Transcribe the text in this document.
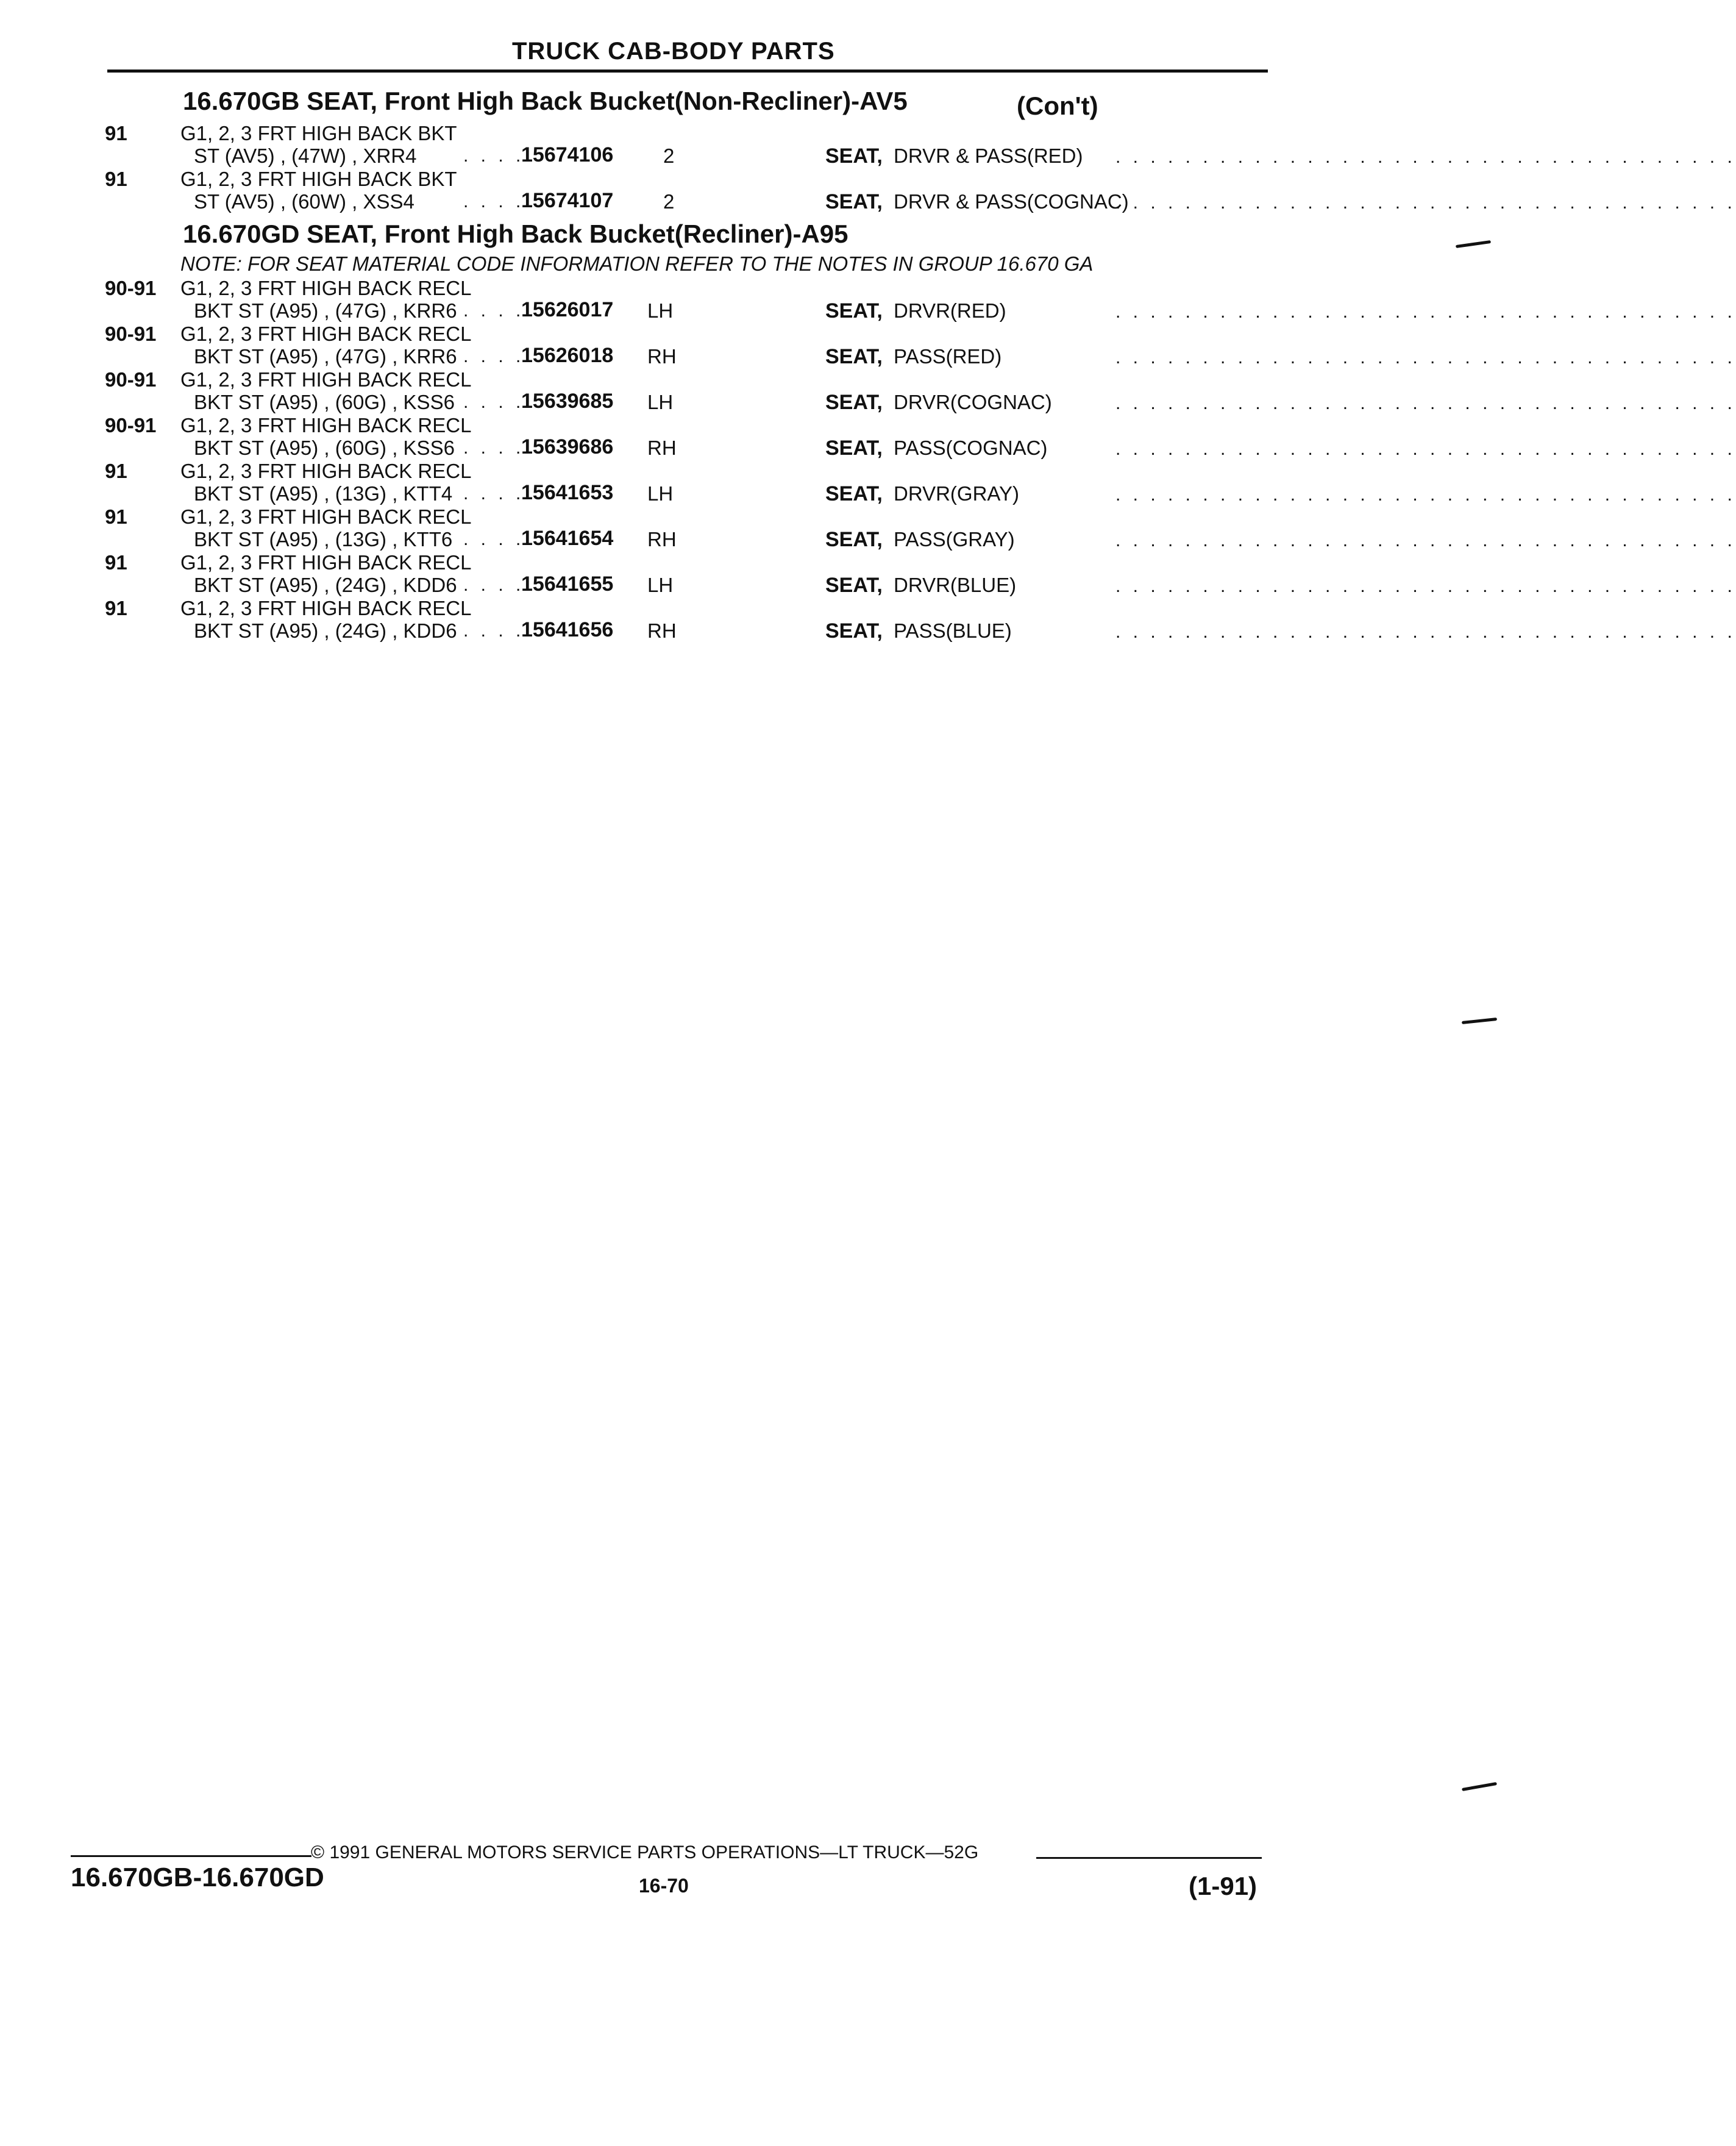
TRUCK CAB-BODY PARTS
16.670GB SEAT, Front High Back Bucket(Non-Recliner)-AV5	(Con't)
91	G1, 2, 3 FRT HIGH BACK BKT
ST (AV5) , (47W) , XRR4	. . . .
15674106 2	SEAT, DRVR & PASS(RED) . . . . . . . . . . . . . . . . . . . . . . . . . . . . . . . . . . . .
91	G1, 2, 3 FRT HIGH BACK BKT
ST (AV5) , (60W) , XSS4	. . . .
15674107 2	SEAT, DRVR & PASS(COGNAC)
. . . . . . . . . . . . . . . . . . . . . . . . . . . . . . . . . . . .
16.670GD SEAT, Front High Back Bucket(Recliner)-A95
NOTE: FOR SEAT MATERIAL CODE INFORMATION REFER TO THE NOTES IN GROUP 16.670 GA
90-91 G1, 2, 3 FRT HIGH BACK RECL
BKT ST (A95) , (47G) , KRR6 . . . .
15626017 LH	SEAT, DRVR(RED)	. . . . . . . . . . . . . . . . . . . . . . . . . . . . . . . . . . . .
90-91 G1, 2, 3 FRT HIGH BACK RECL
BKT ST (A95) , (47G) , KRR6 . . . .
15626018 RH	SEAT, PASS(RED)	. . . . . . . . . . . . . . . . . . . . . . . . . . . . . . . . . . . .
90-91 G1, 2, 3 FRT HIGH BACK RECL
BKT ST (A95) , (60G) , KSS6 . . . .
15639685 LH	SEAT, DRVR(COGNAC)	. . . . . . . . . . . . . . . . . . . . . . . . . . . . . . . . . . . .
90-91 G1, 2, 3 FRT HIGH BACK RECL
BKT ST (A95) , (60G) , KSS6 . . . .
15639686 RH	SEAT, PASS(COGNAC)	. . . . . . . . . . . . . . . . . . . . . . . . . . . . . . . . . . . .
91	G1, 2, 3 FRT HIGH BACK RECL
BKT ST (A95) , (13G) , KTT4 . . . .
15641653 LH	SEAT, DRVR(GRAY)	. . . . . . . . . . . . . . . . . . . . . . . . . . . . . . . . . . . .
91	G1, 2, 3 FRT HIGH BACK RECL
BKT ST (A95) , (13G) , KTT6 . . . .
15641654 RH	SEAT, PASS(GRAY)	. . . . . . . . . . . . . . . . . . . . . . . . . . . . . . . . . . . .
91	G1, 2, 3 FRT HIGH BACK RECL
BKT ST (A95) , (24G) , KDD6 . . . .
15641655 LH	SEAT, DRVR(BLUE)	. . . . . . . . . . . . . . . . . . . . . . . . . . . . . . . . . . . .
91	G1, 2, 3 FRT HIGH BACK RECL
BKT ST (A95) , (24G) , KDD6 . . . .
15641656 RH	SEAT, PASS(BLUE)	. . . . . . . . . . . . . . . . . . . . . . . . . . . . . . . . . . . .
© 1991 GENERAL MOTORS SERVICE PARTS OPERATIONS—LT TRUCK—52G
16.670GB-16.670GD	16-70	(1-91)
